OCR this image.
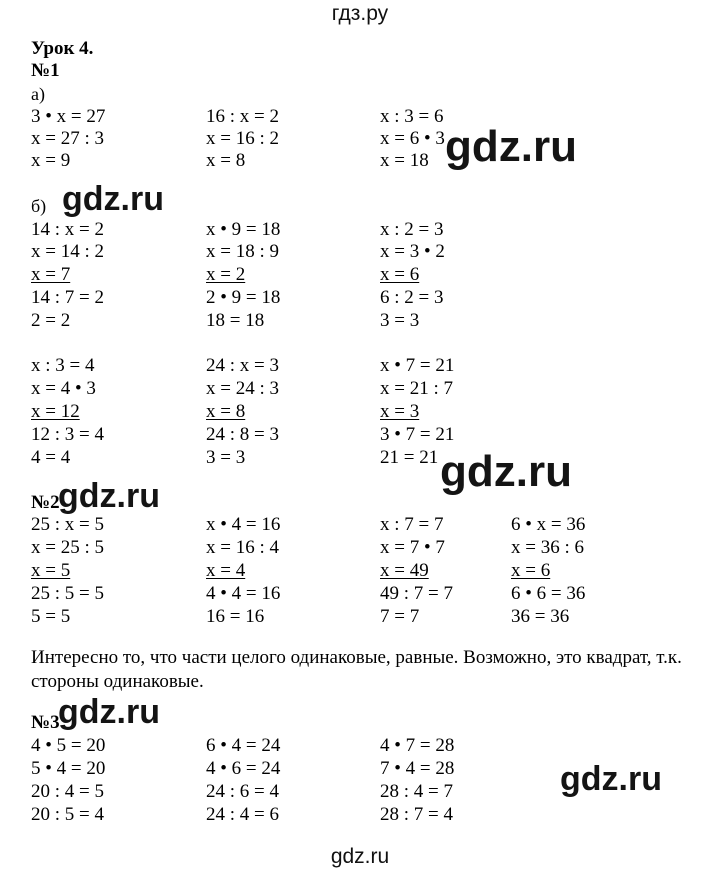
гдз.ру
Урок 4.
№1
а)
3 • x = 27
x = 27 : 3
x = 9
16 : x = 2
x = 16 : 2
x = 8
x : 3 = 6
x = 6 • 3
x = 18
б)
14 : x = 2
x = 14 : 2
x = 7
14 : 7 = 2
2 = 2
x • 9 = 18
x = 18 : 9
x = 2
2 • 9 = 18
18 = 18
x : 2 = 3
x = 3 • 2
x = 6
6 : 2 = 3
3 = 3
x : 3 = 4
x = 4 • 3
x = 12
12 : 3 = 4
4 = 4
24 : x = 3
x = 24 : 3
x = 8
24 : 8 = 3
3 = 3
x • 7 = 21
x = 21 : 7
x = 3
3 • 7 = 21
21 = 21
№2
25 : x = 5
x = 25 : 5
x = 5
25 : 5 = 5
5 = 5
x • 4 = 16
x = 16 : 4
x = 4
4 • 4 = 16
16 = 16
x : 7 = 7
x = 7 • 7
x = 49
49 : 7 = 7
7 = 7
6 • x = 36
x = 36 : 6
x = 6
6 • 6 = 36
36 = 36
Интересно то, что части целого одинаковые, равные. Возможно, это квадрат, т.к. стороны одинаковые.
№3
4 • 5 = 20
5 • 4 = 20
20 : 4 = 5
20 : 5 = 4
6 • 4 = 24
4 • 6 = 24
24 : 6 = 4
24 : 4 = 6
4 • 7 = 28
7 • 4 = 28
28 : 4 = 7
28 : 7 = 4
gdz.ru
gdz.ru
gdz.ru
gdz.ru
gdz.ru
gdz.ru
gdz.ru
